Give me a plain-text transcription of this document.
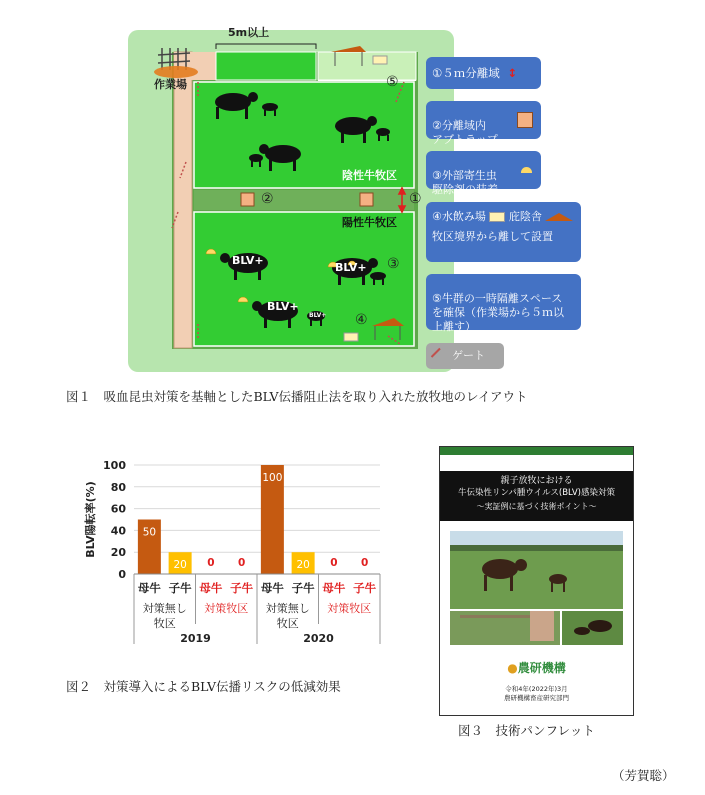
5m以上
作業場
陰性牛牧区
陽性牛牧区
⑤
②	①
③
④
BLV+
BLV+
BLV+
BLV+
①５ｍ分離域 ↕

②分離域内
アブトラップ

③外部寄生虫
駆除剤の装着

④水飲み場 庇陰舎
牧区境界から離して設置

⑤牛群の一時隔離スペース
を確保（作業場から５ｍ以
上離す）

ゲート
図１　吸血昆虫対策を基軸としたBLV伝播阻止法を取り入れた放牧地のレイアウト
0
20
40
60
80
100
BLV陽転率(%)	50
母牛
20
子牛
0
母牛
0
子牛
100
母牛
20
子牛
0
母牛
0
子牛
対策無し
牧区
対策牧区 対策無し
牧区
対策牧区
2019	2020
図２　対策導入によるBLV伝播リスクの低減効果
親子放牧における
牛伝染性リンパ腫ウイルス(BLV)感染対策
～実証例に基づく技術ポイント～
●農研機構
令和4年(2022年)3月
農研機構畜産研究部門
図３　技術パンフレット
（芳賀聡）
